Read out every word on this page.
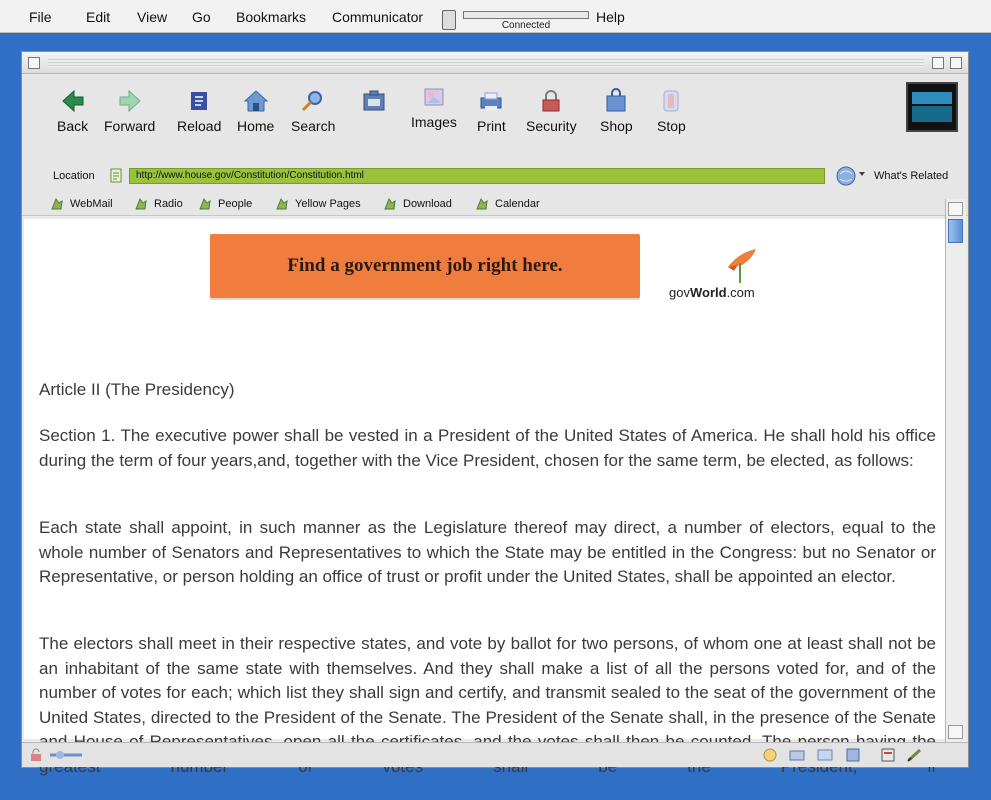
File Edit View Go Bookmarks Communicator
Connected
Help
Back Forward Reload Home Search	Images Print Security Shop Stop
Location	http://www.house.gov/Constitution/Constitution.html	What's Related
WebMail	Radio	People	Yellow Pages	Download	Calendar
Find a government job right here.
govWorld.com
Article II (The Presidency)
Section 1. The executive power shall be vested in a President of the United States of America. He shall hold his office during the term of four years,and, together with the Vice President, chosen for the same term, be elected, as follows:
Each state shall appoint, in such manner as the Legislature thereof may direct, a number of electors, equal to the whole number of Senators and Representatives to which the State may be entitled in the Congress: but no Senator or Representative, or person holding an office of trust or profit under the United States, shall be appointed an elector.
The electors shall meet in their respective states, and vote by ballot for two persons, of whom one at least shall not be an inhabitant of the same state with themselves. And they shall make a list of all the persons voted for, and of the number of votes for each; which list they shall sign and certify, and transmit sealed to the seat of the government of the United States, directed to the President of the Senate. The President of the Senate shall, in the presence of the Senate
